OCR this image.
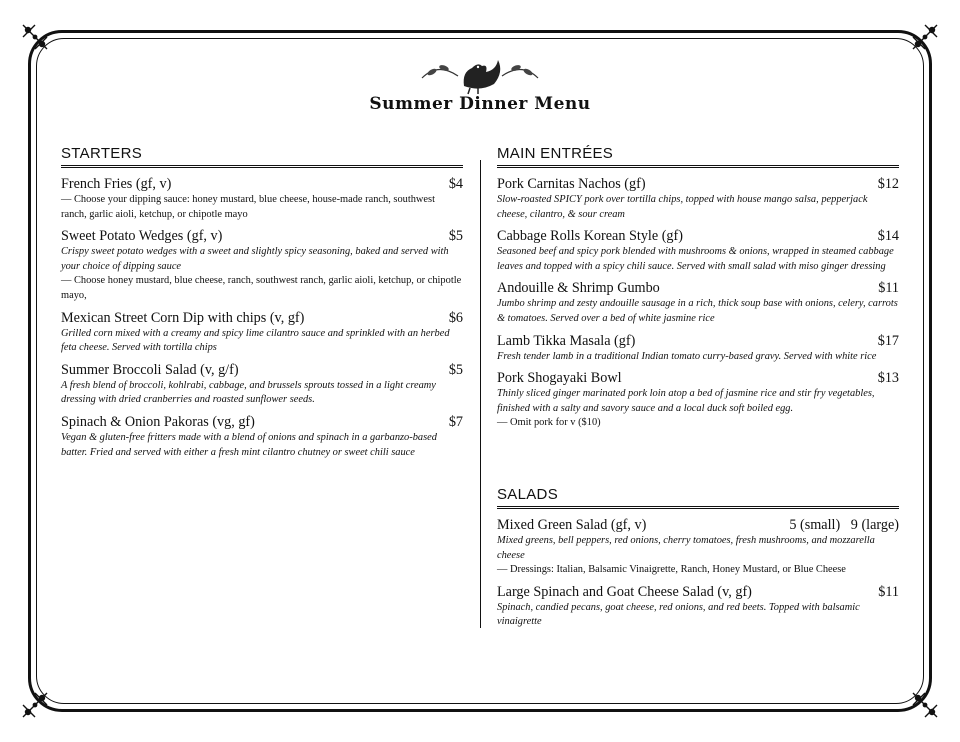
Summer Dinner Menu
STARTERS
French Fries (gf, v)	$4
— Choose your dipping sauce: honey mustard, blue cheese, house-made ranch, southwest ranch, garlic aioli, ketchup, or chipotle mayo
Sweet Potato Wedges (gf, v)	$5
Crispy sweet potato wedges with a sweet and slightly spicy seasoning, baked and served with your choice of dipping sauce
— Choose honey mustard, blue cheese, ranch, southwest ranch, garlic aioli, ketchup, or chipotle mayo,
Mexican Street Corn Dip with chips (v, gf)	$6
Grilled corn mixed with a creamy and spicy lime cilantro sauce and sprinkled with an herbed feta cheese. Served with tortilla chips
Summer Broccoli Salad (v, g/f)	$5
A fresh blend of broccoli, kohlrabi, cabbage, and brussels sprouts tossed in a light creamy dressing with dried cranberries and roasted sunflower seeds.
Spinach & Onion Pakoras (vg, gf)	$7
Vegan & gluten-free fritters made with a blend of onions and spinach in a garbanzo-based batter. Fried and served with either a fresh mint cilantro chutney or sweet chili sauce
MAIN ENTRÉES
Pork Carnitas Nachos (gf)	$12
Slow-roasted SPICY pork over tortilla chips, topped with house mango salsa, pepperjack cheese, cilantro, & sour cream
Cabbage Rolls Korean Style (gf)	$14
Seasoned beef and spicy pork blended with mushrooms & onions, wrapped in steamed cabbage leaves and topped with a spicy chili sauce. Served with small salad with miso ginger dressing
Andouille & Shrimp Gumbo	$11
Jumbo shrimp and zesty andouille sausage in a rich, thick soup base with onions, celery, carrots & tomatoes. Served over a bed of white jasmine rice
Lamb Tikka Masala (gf)	$17
Fresh tender lamb in a traditional Indian tomato curry-based gravy. Served with white rice
Pork Shogayaki Bowl	$13
Thinly sliced ginger marinated pork loin atop a bed of jasmine rice and stir fry vegetables, finished with a salty and savory sauce and a local duck soft boiled egg.
— Omit pork for v ($10)
SALADS
Mixed Green Salad (gf, v)	5 (small)   9 (large)
Mixed greens, bell peppers, red onions, cherry tomatoes, fresh mushrooms, and mozzarella cheese
— Dressings: Italian, Balsamic Vinaigrette, Ranch, Honey Mustard, or Blue Cheese
Large Spinach and Goat Cheese Salad (v, gf)	$11
Spinach, candied pecans, goat cheese, red onions, and red beets. Topped with balsamic vinaigrette
